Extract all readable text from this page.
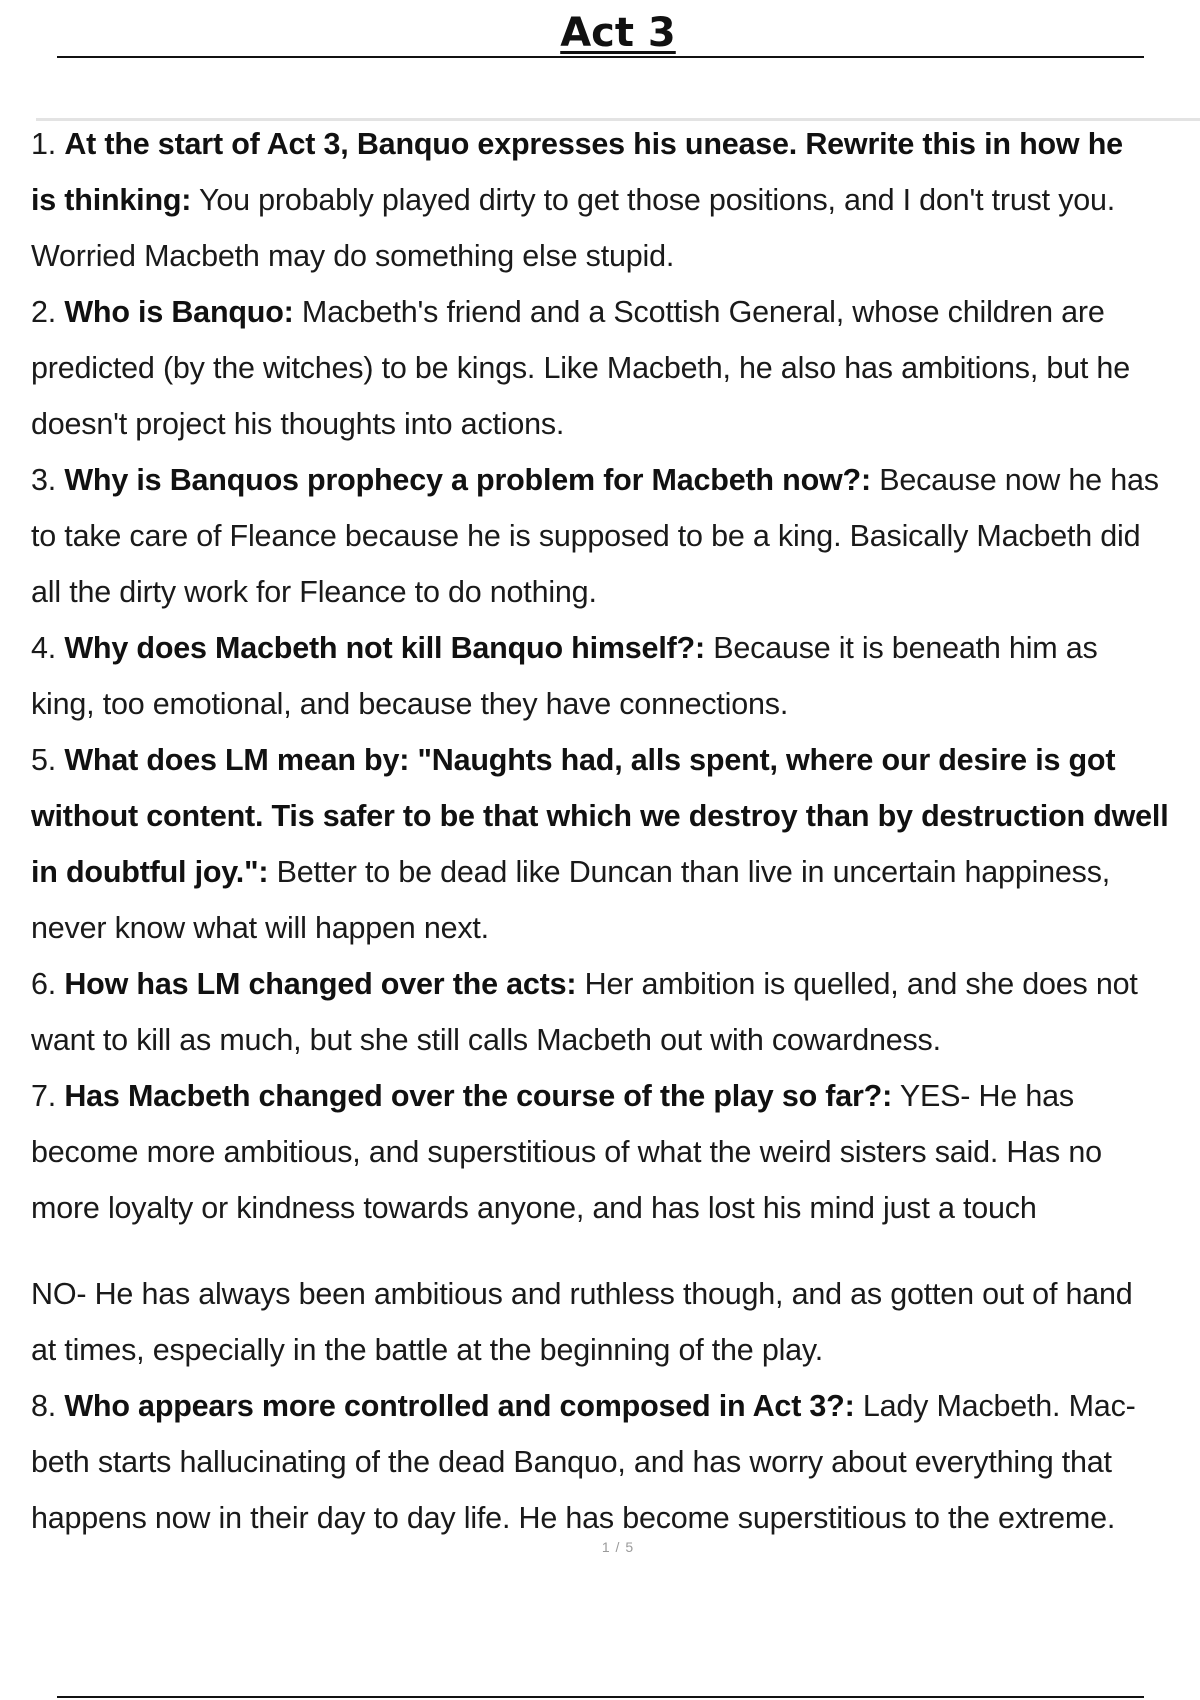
Act 3
1. At the start of Act 3, Banquo expresses his unease. Rewrite this in how he
is thinking: You probably played dirty to get those positions, and I don't trust you.
Worried Macbeth may do something else stupid.
2. Who is Banquo: Macbeth's friend and a Scottish General, whose children are
predicted (by the witches) to be kings. Like Macbeth, he also has ambitions, but he
doesn't project his thoughts into actions.
3. Why is Banquos prophecy a problem for Macbeth now?: Because now he has
to take care of Fleance because he is supposed to be a king. Basically Macbeth did
all the dirty work for Fleance to do nothing.
4. Why does Macbeth not kill Banquo himself?: Because it is beneath him as
king, too emotional, and because they have connections.
5. What does LM mean by: "Naughts had, alls spent, where our desire is got
without content. Tis safer to be that which we destroy than by destruction dwell
in doubtful joy.": Better to be dead like Duncan than live in uncertain happiness,
never know what will happen next.
6. How has LM changed over the acts: Her ambition is quelled, and she does not
want to kill as much, but she still calls Macbeth out with cowardness.
7. Has Macbeth changed over the course of the play so far?: YES- He has
become more ambitious, and superstitious of what the weird sisters said. Has no
more loyalty or kindness towards anyone, and has lost his mind just a touch
NO- He has always been ambitious and ruthless though, and as gotten out of hand
at times, especially in the battle at the beginning of the play.
8. Who appears more controlled and composed in Act 3?: Lady Macbeth. Mac-
beth starts hallucinating of the dead Banquo, and has worry about everything that
happens now in their day to day life. He has become superstitious to the extreme.
1 / 5
